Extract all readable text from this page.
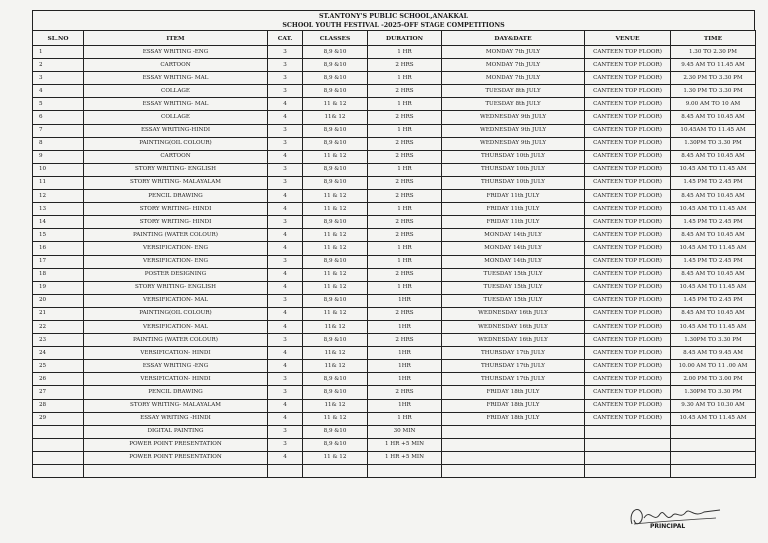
ST.ANTONY'S PUBLIC SCHOOL,ANAKKAL
SCHOOL YOUTH FESTIVAL -2025-OFF STAGE COMPETITIONS
SL.NO	ITEM	CAT.	CLASSES	DURATION	DAY&DATE	VENUE	TIME
1	ESSAY WRITING -ENG	3	8,9 &10	1 HR	MONDAY 7th JULY	CANTEEN TOP FLOOR)	1.30 TO 2.30 PM
2	CARTOON	3	8,9 &10	2 HRS	MONDAY 7th JULY	CANTEEN TOP FLOOR)	9.45 AM TO 11.45 AM
3	ESSAY WRITING- MAL	3	8,9 &10	1 HR	MONDAY 7th JULY	CANTEEN TOP FLOOR)	2.30 PM TO 3.30 PM
4	COLLAGE	3	8,9 &10	2 HRS	TUESDAY 8th JULY	CANTEEN TOP FLOOR)	1.30 PM TO 3.30 PM
5	ESSAY WRITING- MAL	4	11 & 12	1 HR	TUESDAY 8th JULY	CANTEEN TOP FLOOR)	9.00 AM TO 10 AM
6	COLLAGE	4	11& 12	2 HRS	WEDNESDAY 9th JULY	CANTEEN TOP FLOOR)	8.45 AM TO 10.45 AM
7	ESSAY WRITING-HINDI	3	8,9 &10	1 HR	WEDNESDAY 9th JULY	CANTEEN TOP FLOOR)	10.45AM TO 11.45 AM
8	PAINTING(OIL COLOUR)	3	8,9 &10	2 HRS	WEDNESDAY 9th JULY	CANTEEN TOP FLOOR)	1.30PM TO 3.30 PM
9	CARTOON	4	11 & 12	2 HRS	THURSDAY 10th JULY	CANTEEN TOP FLOOR)	8.45 AM TO 10.45 AM
10	STORY WRITING- ENGLISH	3	8,9 &10	1 HR	THURSDAY 10th JULY	CANTEEN TOP FLOOR)	10.45 AM TO 11.45 AM
11	STORY WRITING- MALAYALAM	3	8,9 &10	2 HRS	THURSDAY 10th JULY	CANTEEN TOP FLOOR)	1.45 PM TO 2.45 PM
12	PENCIL DRAWING	4	11 & 12	2 HRS	FRIDAY 11th JULY	CANTEEN TOP FLOOR)	8.45 AM TO 10.45 AM
13	STORY WRITING- HINDI	4	11 & 12	1 HR	FRIDAY 11th JULY	CANTEEN TOP FLOOR)	10.45 AM TO 11.45 AM
14	STORY WRITING- HINDI	3	8,9 &10	2 HRS	FRIDAY 11th JULY	CANTEEN TOP FLOOR)	1.45 PM TO 2.45 PM
15	PAINTING (WATER COLOUR)	4	11 & 12	2 HRS	MONDAY 14th JULY	CANTEEN TOP FLOOR)	8.45 AM TO 10.45 AM
16	VERSIFICATION- ENG	4	11 & 12	1 HR	MONDAY 14th JULY	CANTEEN TOP FLOOR)	10.45 AM TO 11.45 AM
17	VERSIFICATION- ENG	3	8,9 &10	1 HR	MONDAY 14th JULY	CANTEEN TOP FLOOR)	1.45 PM TO 2.45 PM
18	POSTER DESIGNING	4	11 & 12	2 HRS	TUESDAY 15th JULY	CANTEEN TOP FLOOR)	8.45 AM TO 10.45 AM
19	STORY WRITING- ENGLISH	4	11 & 12	1 HR	TUESDAY 15th JULY	CANTEEN TOP FLOOR)	10.45 AM TO 11.45 AM
20	VERSIFICATION- MAL	3	8,9 &10	1HR	TUESDAY 15th JULY	CANTEEN TOP FLOOR)	1.45 PM TO 2.45 PM
21	PAINTING(OIL COLOUR)	4	11 & 12	2 HRS	WEDNESDAY 16th JULY	CANTEEN TOP FLOOR)	8.45 AM TO 10.45 AM
22	VERSIFICATION- MAL	4	11& 12	1HR	WEDNESDAY 16th JULY	CANTEEN TOP FLOOR)	10.45 AM TO 11.45 AM
23	PAINTING (WATER COLOUR)	3	8,9 &10	2 HRS	WEDNESDAY 16th JULY	CANTEEN TOP FLOOR)	1.30PM TO 3.30 PM
24	VERSIFICATION- HINDI	4	11& 12	1HR	THURSDAY 17th JULY	CANTEEN TOP FLOOR)	8.45 AM TO 9.45 AM
25	ESSAY WRITING -ENG	4	11& 12	1HR	THURSDAY 17th JULY	CANTEEN TOP FLOOR)	10.00 AM TO 11 .00 AM
26	VERSIFICATION- HINDI	3	8,9 &10	1HR	THURSDAY 17th JULY	CANTEEN TOP FLOOR)	2.00 PM TO 3.00 PM
27	PENCIL DRAWING	3	8,9 &10	2 HRS	FRIDAY 18th JULY	CANTEEN TOP FLOOR)	1.30PM TO 3.30 PM
28	STORY WRITING- MALAYALAM	4	11& 12	1HR	FRIDAY 18th JULY	CANTEEN TOP FLOOR)	9.30 AM TO 10.30 AM
29	ESSAY WRITING -HINDI	4	11 & 12	1 HR	FRIDAY 18th JULY	CANTEEN TOP FLOOR)	10.45 AM TO 11.45 AM
	DIGITAL PAINTING	3	8,9 &10	30 MIN			
	POWER POINT PRESENTATION	3	8,9 &10	1 HR +5 MIN			
	POWER POINT PRESENTATION	4	11 & 12	1 HR +5 MIN			

PRINCIPAL
